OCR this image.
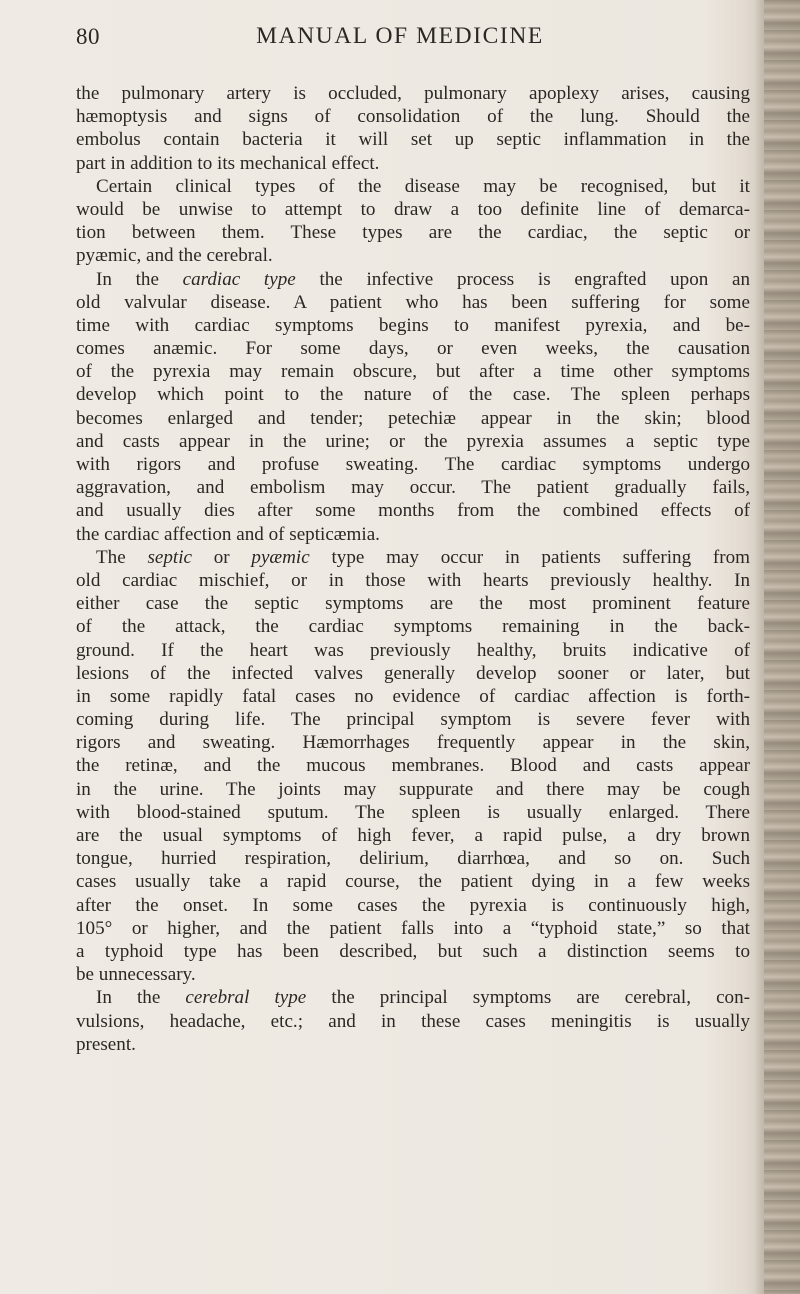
80	MANUAL OF MEDICINE
the pulmonary artery is occluded, pulmonary apoplexy arises, causing
hæmoptysis and signs of consolidation of the lung. Should the
embolus contain bacteria it will set up septic inflammation in the
part in addition to its mechanical effect.
Certain clinical types of the disease may be recognised, but it
would be unwise to attempt to draw a too definite line of demarca-
tion between them. These types are the cardiac, the septic or
pyæmic, and the cerebral.
In the cardiac type the infective process is engrafted upon an
old valvular disease. A patient who has been suffering for some
time with cardiac symptoms begins to manifest pyrexia, and be-
comes anæmic. For some days, or even weeks, the causation
of the pyrexia may remain obscure, but after a time other symptoms
develop which point to the nature of the case. The spleen perhaps
becomes enlarged and tender; petechiæ appear in the skin; blood
and casts appear in the urine; or the pyrexia assumes a septic type
with rigors and profuse sweating. The cardiac symptoms undergo
aggravation, and embolism may occur. The patient gradually fails,
and usually dies after some months from the combined effects of
the cardiac affection and of septicæmia.
The septic or pyæmic type may occur in patients suffering from
old cardiac mischief, or in those with hearts previously healthy. In
either case the septic symptoms are the most prominent feature
of the attack, the cardiac symptoms remaining in the back-
ground. If the heart was previously healthy, bruits indicative of
lesions of the infected valves generally develop sooner or later, but
in some rapidly fatal cases no evidence of cardiac affection is forth-
coming during life. The principal symptom is severe fever with
rigors and sweating. Hæmorrhages frequently appear in the skin,
the retinæ, and the mucous membranes. Blood and casts appear
in the urine. The joints may suppurate and there may be cough
with blood-stained sputum. The spleen is usually enlarged. There
are the usual symptoms of high fever, a rapid pulse, a dry brown
tongue, hurried respiration, delirium, diarrhœa, and so on. Such
cases usually take a rapid course, the patient dying in a few weeks
after the onset. In some cases the pyrexia is continuously high,
105° or higher, and the patient falls into a “typhoid state,” so that
a typhoid type has been described, but such a distinction seems to
be unnecessary.
In the cerebral type the principal symptoms are cerebral, con-
vulsions, headache, etc.; and in these cases meningitis is usually
present.
